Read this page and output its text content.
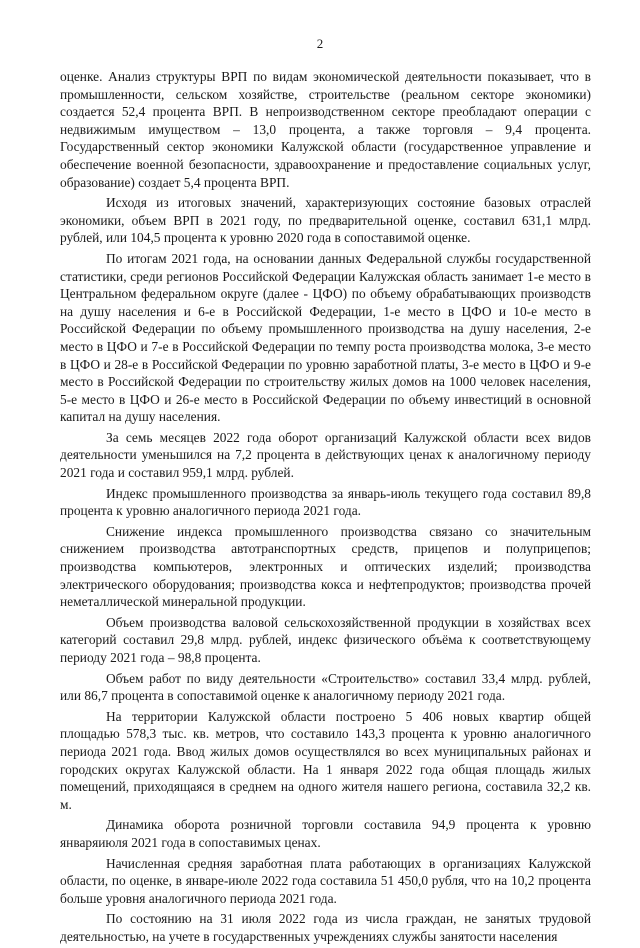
2

оценке. Анализ структуры ВРП по видам экономической деятельности показывает, что в промышленности, сельском хозяйстве, строительстве (реальном секторе экономики) создается 52,4 процента ВРП. В непроизводственном секторе преобладают операции с недвижимым имуществом – 13,0 процента, а также торговля – 9,4 процента. Государственный сектор экономики Калужской области (государственное управление и обеспечение военной безопасности, здравоохранение и предоставление социальных услуг, образование) создает 5,4 процента ВРП.

Исходя из итоговых значений, характеризующих состояние базовых отраслей экономики, объем ВРП в 2021 году, по предварительной оценке, составил 631,1 млрд. рублей, или 104,5 процента к уровню 2020 года в сопоставимой оценке.

По итогам 2021 года, на основании данных Федеральной службы государственной статистики, среди регионов Российской Федерации Калужская область занимает 1-е место в Центральном федеральном округе (далее - ЦФО) по объему обрабатывающих производств на душу населения и 6-е в Российской Федерации, 1-е место в ЦФО и 10-е место в Российской Федерации по объему промышленного производства на душу населения, 2-е место в ЦФО и 7-е в Российской Федерации по темпу роста производства молока, 3-е место в ЦФО и 28-е в Российской Федерации по уровню заработной платы, 3-е место в ЦФО и 9-е место в Российской Федерации по строительству жилых домов на 1000 человек населения, 5-е место в ЦФО и 26-е место в Российской Федерации по объему инвестиций в основной капитал на душу населения.

За семь месяцев 2022 года оборот организаций Калужской области всех видов деятельности уменьшился на 7,2 процента в действующих ценах к аналогичному периоду 2021 года и составил 959,1 млрд. рублей.

Индекс промышленного производства за январь-июль текущего года составил 89,8 процента к уровню аналогичного периода 2021 года.

Снижение индекса промышленного производства связано со значительным снижением производства автотранспортных средств, прицепов и полуприцепов; производства компьютеров, электронных и оптических изделий; производства электрического оборудования; производства кокса и нефтепродуктов; производства прочей неметаллической минеральной продукции.

Объем производства валовой сельскохозяйственной продукции в хозяйствах всех категорий составил 29,8 млрд. рублей, индекс физического объёма к соответствующему периоду 2021 года – 98,8 процента.

Объем работ по виду деятельности «Строительство» составил 33,4 млрд. рублей, или 86,7 процента в сопоставимой оценке к аналогичному периоду 2021 года.

На территории Калужской области построено 5 406 новых квартир общей площадью 578,3 тыс. кв. метров, что составило 143,3 процента к уровню аналогичного периода 2021 года. Ввод жилых домов осуществлялся во всех муниципальных районах и городских округах Калужской области. На 1 января 2022 года общая площадь жилых помещений, приходящаяся в среднем на одного жителя нашего региона, составила 32,2 кв. м.

Динамика оборота розничной торговли составила 94,9 процента к уровню январяиюля 2021 года в сопоставимых ценах.

Начисленная средняя заработная плата работающих в организациях Калужской области, по оценке, в январе-июле 2022 года составила 51 450,0 рубля, что на 10,2 процента больше уровня аналогичного периода 2021 года.

По состоянию на 31 июля 2022 года из числа граждан, не занятых трудовой деятельностью, на учете в государственных учреждениях службы занятости населения
